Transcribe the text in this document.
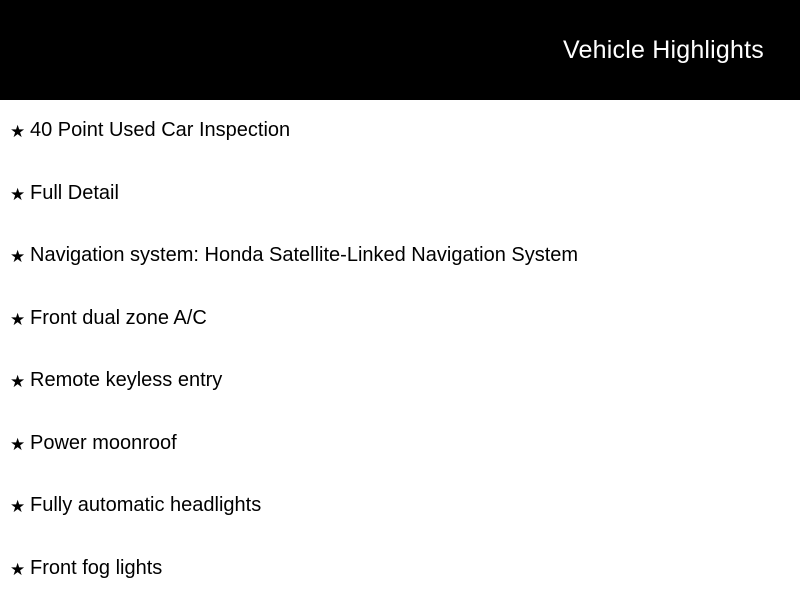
Vehicle Highlights
★ 40 Point Used Car Inspection
★ Full Detail
★ Navigation system: Honda Satellite-Linked Navigation System
★ Front dual zone A/C
★ Remote keyless entry
★ Power moonroof
★ Fully automatic headlights
★ Front fog lights
